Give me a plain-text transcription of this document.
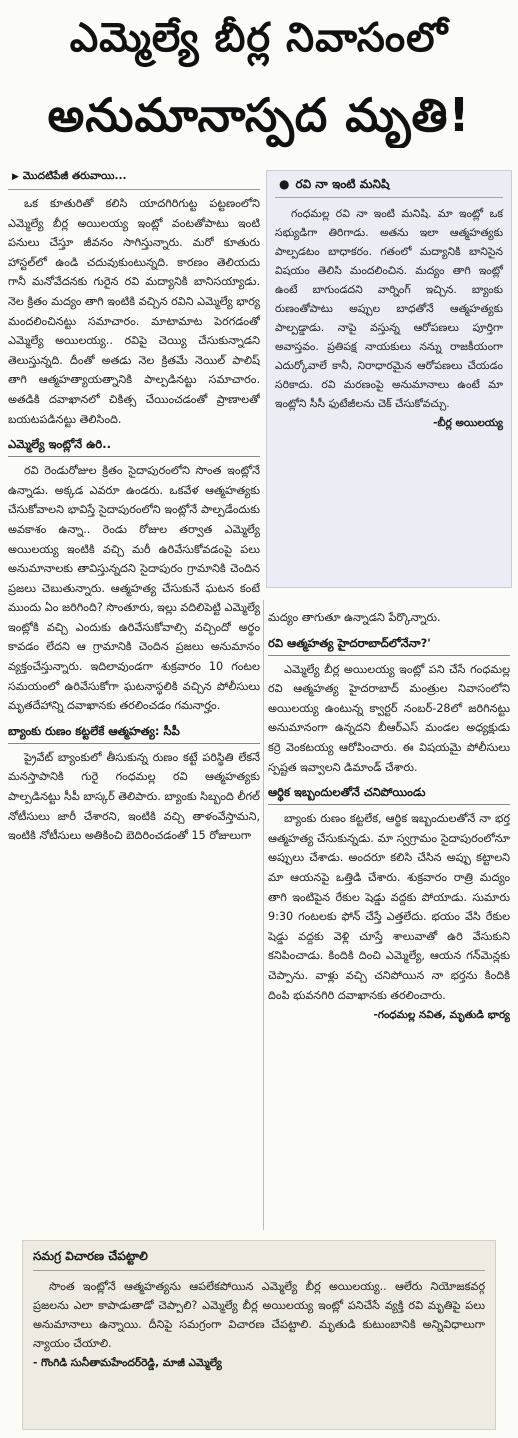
ఎమ్మెల్యే బీర్ల నివాసంలో
అనుమానాస్పద మృతి!
▶ మొదటిపేజీ తరువాయి...

ఒక కూతురితో కలిసి యాదగిరిగుట్ట పట్టణంలోని ఎమ్మెల్యే బీర్ల అయిలయ్య ఇంట్లో వంటతోపాటు ఇంటి పనులు చేస్తూ జీవనం సాగిస్తున్నారు. మరో కూతురు హాస్టల్‌లో ఉండి చదువుకుంటున్నది. కారణం తెలియదు గానీ మనోవేదనకు గురైన రవి మద్యానికి బానిసయ్యాడు. నెల క్రితం మద్యం తాగి ఇంటికి వచ్చిన రవిని ఎమ్మెల్యే భార్య మందలించినట్టు సమాచారం. మాటామాట పెరగడంతో ఎమ్మెల్యే అయిలయ్య.. రవిపై చెయ్యి చేసుకున్నాడని తెలుస్తున్నది. దీంతో అతడు నెల క్రితమే నెయిల్ పాలిష్ తాగి ఆత్మహత్యాయత్నానికి పాల్పడినట్టు సమాచారం. అతడికి దవాఖానలో చికిత్స చేయించడంతో ప్రాణాలతో బయటపడినట్టు తెలిసింది.

ఎమ్మెల్యే ఇంట్లోనే ఉరి..

రవి రెండురోజుల క్రితం సైదాపురంలోని సొంత ఇంట్లోనే ఉన్నాడు. అక్కడ ఎవరూ ఉండరు. ఒకవేళ ఆత్మహత్యకు చేసుకోవాలని భావిస్తే సైదాపురంలోని ఇంట్లోనే పాల్పడేందుకు అవకాశం ఉన్నా.. రెండు రోజుల తర్వాత ఎమ్మెల్యే అయిలయ్య ఇంటికి వచ్చి మరీ ఉరివేసుకోవడంపై పలు అనుమానాలకు తావిస్తున్నదని సైదాపురం గ్రామానికి చెందిన ప్రజలు చెబుతున్నారు. ఆత్మహత్య చేసుకునే ఘటన కంటే ముందు ఏం జరిగింది? సొంతూరు, ఇల్లు వదిలిపెట్టి ఎమ్మెల్యే ఇంట్లోకి వచ్చి ఎందుకు ఉరివేసుకోవాల్సి వచ్చిందో అర్థం కావడం లేదని ఆ గ్రామానికి చెందిన ప్రజలు అనుమానం వ్యక్తంచేస్తున్నారు. ఇదిలావుండగా శుక్రవారం 10 గంటల సమయంలో ఉరివేసుకోగా ఘటనాస్థలికి వచ్చిన పోలీసులు మృతదేహాన్ని దవాఖానకు తరలించడం గమనార్హం.

బ్యాంకు రుణం కట్టలేకే ఆత్మహత్య: సీపీ

ప్రైవేట్ బ్యాంకులో తీసుకున్న రుణం కట్టే పరిస్థితి లేకనే మనస్తాపానికి గురై గంధమల్ల రవి ఆత్మహత్యకు పాల్పడినట్టు సీపీ బాస్కర్ తెలిపారు. బ్యాంకు సిబ్బంది లీగల్ నోటీసులు జారీ చేశారని, ఇంటికి వచ్చి తాళంవేస్తామని, ఇంటికి నోటీసులు అతికించి బెదిరించడంతో 15 రోజులుగా

● రవి నా ఇంటి మనిషి

గంధమల్ల రవి నా ఇంటి మనిషి. మా ఇంట్లో ఒక సభ్యుడిగా తిరిగాడు. అతను ఇలా ఆత్మహత్యకు పాల్పడటం బాధాకరం. గతంలో మద్యానికి బానిసైన విషయం తెలిసి మందలించిన. మద్యం తాగి ఇంట్లో ఉంటే బాగుండదని వార్నింగ్ ఇచ్చిన. బ్యాంకు రుణంతోపాటు అప్పుల బాధతోనే ఆత్మహత్యకు పాల్పడ్డాడు. నాపై వస్తున్న ఆరోపణలు పూర్తిగా అవాస్తవం. ప్రతిపక్ష నాయకులు నన్ను రాజకీయంగా ఎదుర్కోవాలే కానీ, నిరాధారమైన ఆరోపణలు చేయడం సరికాదు. రవి మరణంపై అనుమానాలు ఉంటే మా ఇంట్లోని సీసీ ఫుటేజీలను చెక్ చేసుకోవచ్చు.

-బీర్ల అయిలయ్య

మద్యం తాగుతూ ఉన్నాడని పేర్కొన్నారు.

రవి ఆత్మహత్య హైదరాబాద్‌లోనేనా?'

ఎమ్మెల్యే బీర్ల అయిలయ్య ఇంట్లో పని చేసే గంధమల్ల రవి ఆత్మహత్య హైదరాబాద్ మంత్రుల నివాసంలోని అయిలయ్య ఉంటున్న క్వార్టర్ నంబర్-28లో జరిగినట్టు అనుమానంగా ఉన్నదని బీఆర్ఎస్ మండల అధ్యక్షుడు కర్రె వెంకటయ్య ఆరోపించారు. ఈ విషయమై పోలీసులు స్పష్టత ఇవ్వాలని డిమాండ్ చేశారు.

ఆర్థిక ఇబ్బందులతోనే చనిపోయిండు

బ్యాంకు రుణం కట్టలేక, ఆర్థిక ఇబ్బందులతోనే నా భర్త ఆత్మహత్య చేసుకున్నడు. మా స్వగ్రామం సైదాపురంలోనూ అప్పులు చేశాడు. అందరూ కలిసి చేసిన అప్పు కట్టాలని మా ఆయనపై ఒత్తిడి చేశారు. శుక్రవారం రాత్రి మద్యం తాగి ఇంటిపైన రేకుల షెడ్డు వద్దకు పోయాడు. సుమారు 9:30 గంటలకు ఫోన్ చేస్తే ఎత్తలేదు. భయం వేసి రేకుల షెడ్డు వద్దకు వెళ్లి చూస్తే శాలువాతో ఉరి వేసుకుని కనిపించాడు. కిందికి దించి ఎమ్మెల్యే, ఆయన గన్‌మెన్లకు చెప్పాను. వాళ్లు వచ్చి చనిపోయిన నా భర్తను కిందికి దింపి భువనగిరి దవాఖానకు తరలించారు.

-గంధమల్ల నవిత, మృతుడి భార్య
సమగ్ర విచారణ చేపట్టాలి

సొంత ఇంట్లోనే ఆత్మహత్యను ఆపలేకపోయిన ఎమ్మెల్యే బీర్ల అయిలయ్య.. ఆలేరు నియోజకవర్గ ప్రజలను ఎలా కాపాడుతాడో చెప్పాలి? ఎమ్మెల్యే బీర్ల అయిలయ్య ఇంట్లో పనిచేసే వ్యక్తి రవి మృతిపై పలు అనుమానాలు ఉన్నాయి. దీనిపై సమగ్రంగా విచారణ చేపట్టాలి. మృతుడి కుటుంబానికి అన్నివిధాలుగా న్యాయం చేయాలి.

- గొంగిడి సునీతామహేందర్‌రెడ్డి, మాజీ ఎమ్మెల్యే
